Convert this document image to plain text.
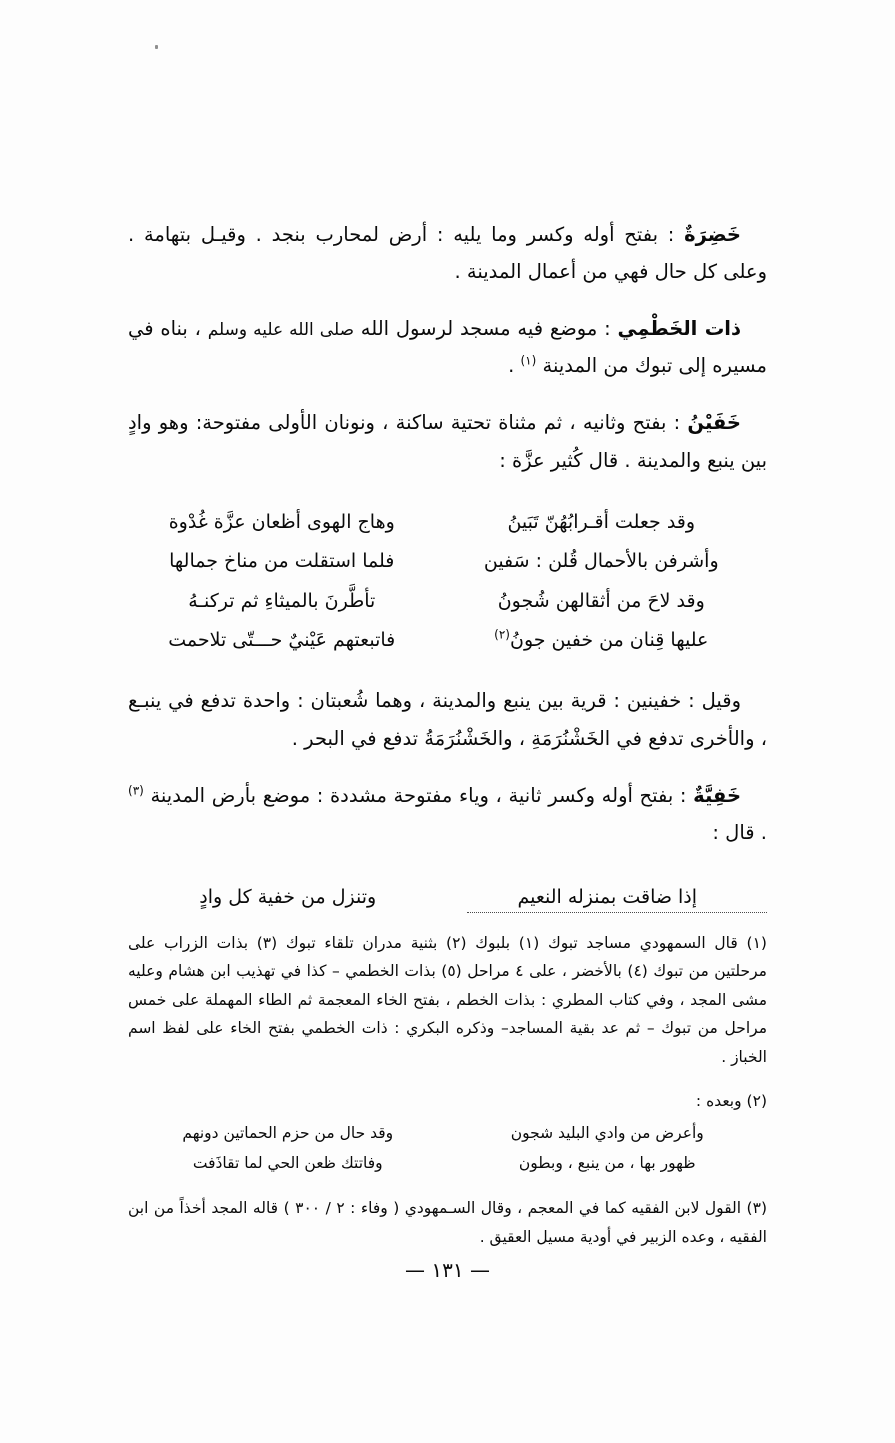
خَضِرَةٌ : بفتح أوله وكسر وما يليه : أرض لمحارب بنجد . وقيـل بتهامة . وعلى كل حال فهي من أعمال المدينة .

ذات الخَطْمِي : موضع فيه مسجد لرسول الله صلى الله عليه وسلم ، بناه في مسيره إلى تبوك من المدينة $^{(١)}$ .

خَفَيْنُ : بفتح وثانيه ، ثم مثناة تحتية ساكنة ، ونونان الأولى مفتوحة: وهو وادٍ بين ينبع والمدينة . قال كُثير عزَّة :

وقد جعلت أقـرابُهُنّ تَبَينُ
وهاج الهوى أظعان عزَّة غُدْوة
وأشرفن بالأحمال قُلن : سَفين
فلما استقلت من مناخ جمالها
وقد لاحَ من أثقالهن شُجونُ
تأطَّرنَ بالميثاءِ ثم تركنـهُ
عليها قِنان من خفين جونُ$^{(٢)}$
فاتبعتهم عَيْنيٌ حـــتّى تلاحمت

وقيل : خفينين : قرية بين ينبع والمدينة ، وهما شُعبتان : واحدة تدفع في ينبـع ، والأخرى تدفع في الخَشْنُرَمَةِ ، والخَشْنُرَمَةُ تدفع في البحر .

خَفِيَّةٌ : بفتح أوله وكسر ثانية ، وياء مفتوحة مشددة : موضع بأرض المدينة $^{(٣)}$ . قال :

إذا ضاقت بمنزله النعيم
وتنزل من خفية كل وادٍ

(١) قال السمهودي مساجد تبوك (١) بلبوك (٢) بثنية مدران تلقاء تبوك (٣) بذات الزراب على مرحلتين من تبوك (٤) بالأخضر ، على ٤ مراحل (٥) بذات الخطمي – كذا في تهذيب ابن هشام وعليه مشى المجد ، وفي كتاب المطري : بذات الخطم ، بفتح الخاء المعجمة ثم الطاء المهملة على خمس مراحل من تبوك – ثم عد بقية المساجد– وذكره البكري : ذات الخطمي بفتح الخاء على لفظ اسم الخباز .

(٢) وبعده :

وأعرض من وادي البليد شجون
وقد حال من حزم الحماتين دونهم
ظهور بها ، من ينبع ، وبطون
وفاتتك ظعن الحي لما تقاذَفت

(٣) القول لابن الفقيه كما في المعجم ، وقال السـمهودي ( وفاء : ٢ / ٣٠٠ ) قاله المجد أخذاً من ابن الفقيه ، وعده الزبير في أودية مسيل العقيق .

— ١٣١ —
